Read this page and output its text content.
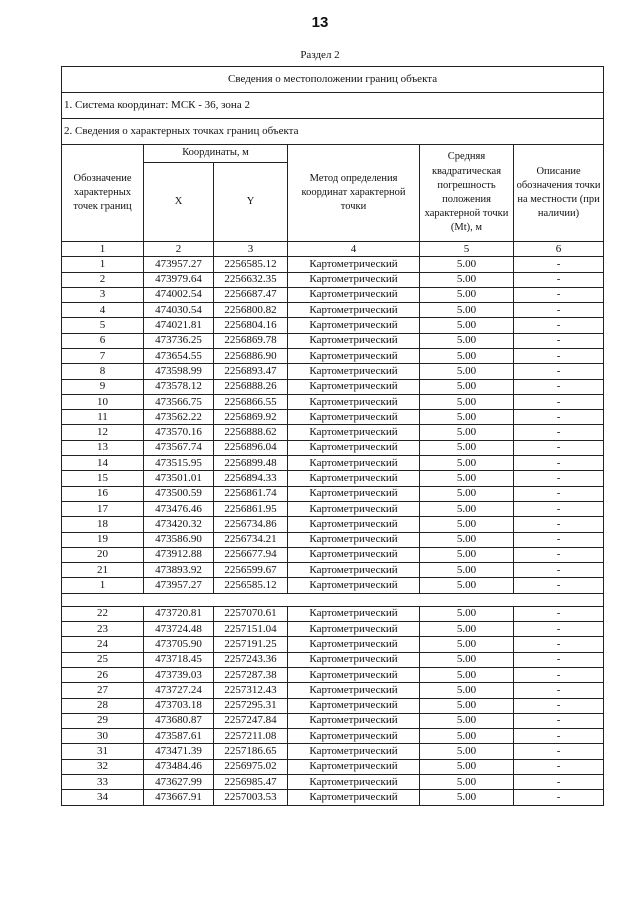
13
Раздел 2
Сведения о местоположении границ объекта					
1. Система координат: МСК - 36, зона 2					
2. Сведения о характерных точках границ объекта					
Обозначение характерных точек границ	Координаты, м		Метод определения координат характерной точки	Средняя квадратическая погрешность положения характерной точки (Mt), м	Описание обозначения точки на местности (при наличии)
	X	Y			
1	2	3	4	5	6
1	473957.27	2256585.12	Картометрический	5.00	-
2	473979.64	2256632.35	Картометрический	5.00	-
3	474002.54	2256687.47	Картометрический	5.00	-
4	474030.54	2256800.82	Картометрический	5.00	-
5	474021.81	2256804.16	Картометрический	5.00	-
6	473736.25	2256869.78	Картометрический	5.00	-
7	473654.55	2256886.90	Картометрический	5.00	-
8	473598.99	2256893.47	Картометрический	5.00	-
9	473578.12	2256888.26	Картометрический	5.00	-
10	473566.75	2256866.55	Картометрический	5.00	-
11	473562.22	2256869.92	Картометрический	5.00	-
12	473570.16	2256888.62	Картометрический	5.00	-
13	473567.74	2256896.04	Картометрический	5.00	-
14	473515.95	2256899.48	Картометрический	5.00	-
15	473501.01	2256894.33	Картометрический	5.00	-
16	473500.59	2256861.74	Картометрический	5.00	-
17	473476.46	2256861.95	Картометрический	5.00	-
18	473420.32	2256734.86	Картометрический	5.00	-
19	473586.90	2256734.21	Картометрический	5.00	-
20	473912.88	2256677.94	Картометрический	5.00	-
21	473893.92	2256599.67	Картометрический	5.00	-
1	473957.27	2256585.12	Картометрический	5.00	-

22	473720.81	2257070.61	Картометрический	5.00	-
23	473724.48	2257151.04	Картометрический	5.00	-
24	473705.90	2257191.25	Картометрический	5.00	-
25	473718.45	2257243.36	Картометрический	5.00	-
26	473739.03	2257287.38	Картометрический	5.00	-
27	473727.24	2257312.43	Картометрический	5.00	-
28	473703.18	2257295.31	Картометрический	5.00	-
29	473680.87	2257247.84	Картометрический	5.00	-
30	473587.61	2257211.08	Картометрический	5.00	-
31	473471.39	2257186.65	Картометрический	5.00	-
32	473484.46	2256975.02	Картометрический	5.00	-
33	473627.99	2256985.47	Картометрический	5.00	-
34	473667.91	2257003.53	Картометрический	5.00	-
